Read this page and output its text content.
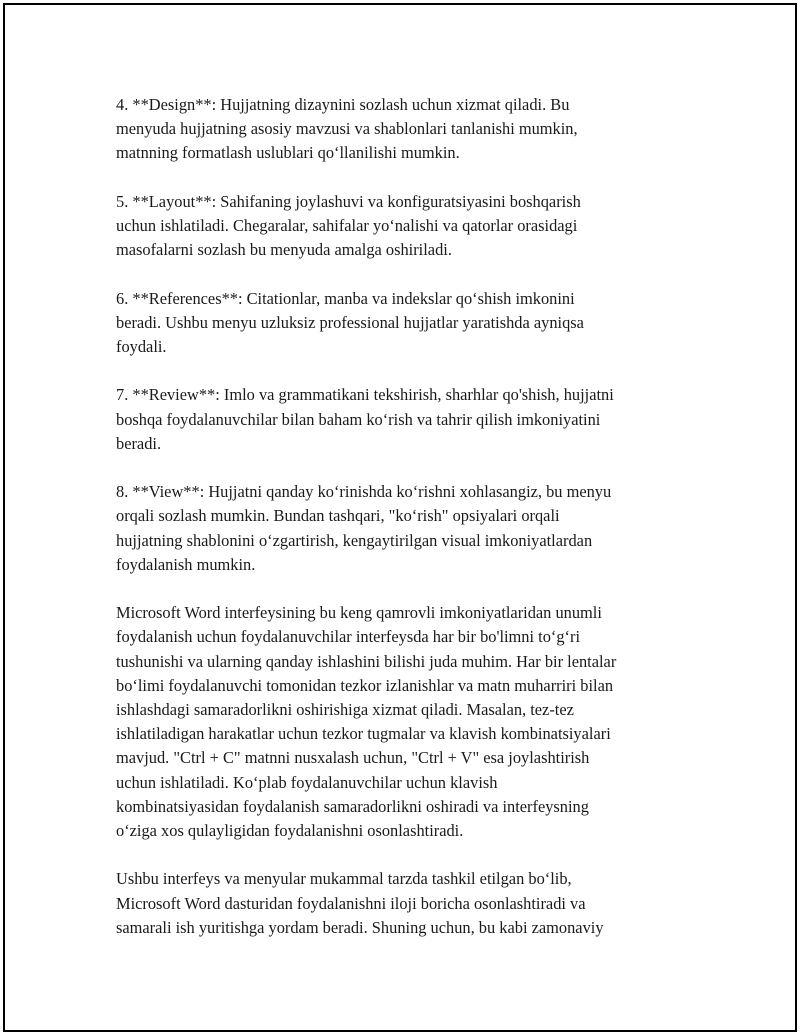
4. **Design**: Hujjatning dizaynini sozlash uchun xizmat qiladi. Bu
menyuda hujjatning asosiy mavzusi va shablonlari tanlanishi mumkin,
matnning formatlash uslublari qo‘llanilishi mumkin.

5. **Layout**: Sahifaning joylashuvi va konfiguratsiyasini boshqarish
uchun ishlatiladi. Chegaralar, sahifalar yo‘nalishi va qatorlar orasidagi
masofalarni sozlash bu menyuda amalga oshiriladi.

6. **References**: Citationlar, manba va indekslar qo‘shish imkonini
beradi. Ushbu menyu uzluksiz professional hujjatlar yaratishda ayniqsa
foydali.

7. **Review**: Imlo va grammatikani tekshirish, sharhlar qo'shish, hujjatni
boshqa foydalanuvchilar bilan baham ko‘rish va tahrir qilish imkoniyatini
beradi.

8. **View**: Hujjatni qanday ko‘rinishda ko‘rishni xohlasangiz, bu menyu
orqali sozlash mumkin. Bundan tashqari, "ko‘rish" opsiyalari orqali
hujjatning shablonini o‘zgartirish, kengaytirilgan visual imkoniyatlardan
foydalanish mumkin.

Microsoft Word interfeysining bu keng qamrovli imkoniyatlaridan unumli
foydalanish uchun foydalanuvchilar interfeysda har bir bo'limni to‘g‘ri
tushunishi va ularning qanday ishlashini bilishi juda muhim. Har bir lentalar
bo‘limi foydalanuvchi tomonidan tezkor izlanishlar va matn muharriri bilan
ishlashdagi samaradorlikni oshirishiga xizmat qiladi. Masalan, tez-tez
ishlatiladigan harakatlar uchun tezkor tugmalar va klavish kombinatsiyalari
mavjud. "Ctrl + C" matnni nusxalash uchun, "Ctrl + V" esa joylashtirish
uchun ishlatiladi. Ko‘plab foydalanuvchilar uchun klavish
kombinatsiyasidan foydalanish samaradorlikni oshiradi va interfeysning
o‘ziga xos qulayligidan foydalanishni osonlashtiradi.

Ushbu interfeys va menyular mukammal tarzda tashkil etilgan bo‘lib,
Microsoft Word dasturidan foydalanishni iloji boricha osonlashtiradi va
samarali ish yuritishga yordam beradi. Shuning uchun, bu kabi zamonaviy
